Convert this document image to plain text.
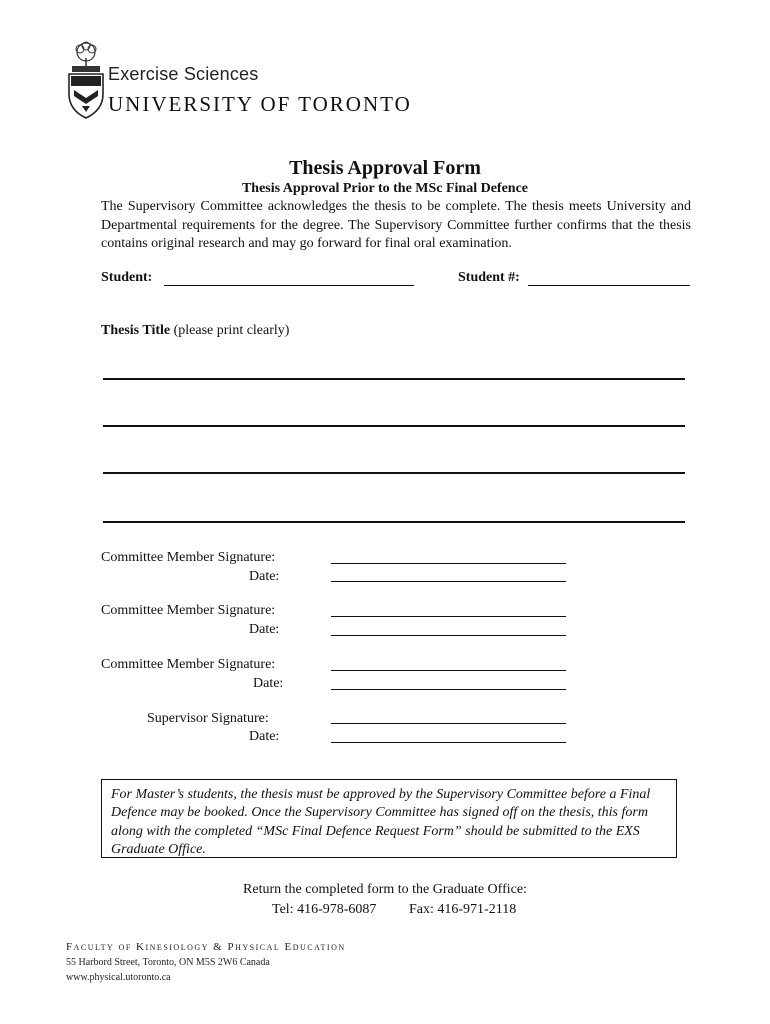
Exercise Sciences
UNIVERSITY OF TORONTO
Thesis Approval Form
Thesis Approval Prior to the MSc Final Defence
The Supervisory Committee acknowledges the thesis to be complete. The thesis meets University and Departmental requirements for the degree. The Supervisory Committee further confirms that the thesis contains original research and may go forward for final oral examination.
Student:	Student #:
Thesis Title (please print clearly)
Committee Member Signature:
Date:
Committee Member Signature:
Date:
Committee Member Signature:
Date:
Supervisor Signature:
Date:
For Master’s students, the thesis must be approved by the Supervisory Committee before a Final Defence may be booked. Once the Supervisory Committee has signed off on the thesis, this form along with the completed “MSc Final Defence Request Form” should be submitted to the EXS Graduate Office.
Return the completed form to the Graduate Office:
Tel: 416-978-6087 Fax: 416-971-2118
Faculty of Kinesiology & Physical Education
55 Harbord Street, Toronto, ON M5S 2W6 Canada
www.physical.utoronto.ca
